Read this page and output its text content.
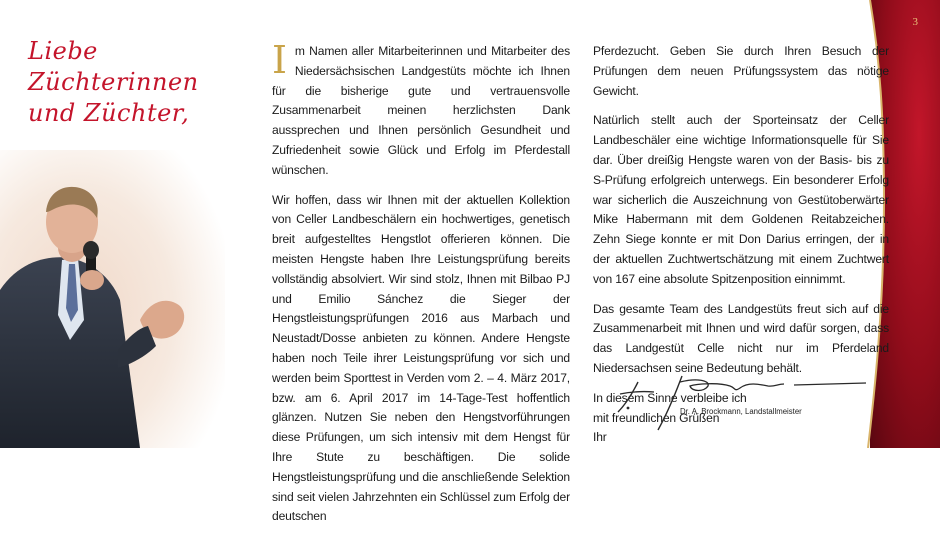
3
Liebe
Züchterinnen
und Züchter,

Im Namen aller Mitarbeiterinnen und Mitarbeiter des Niedersächsischen Landgestüts möchte ich Ihnen für die bisherige gute und vertrauensvolle Zusammenarbeit meinen herzlichsten Dank aussprechen und Ihnen persönlich Gesundheit und Zufriedenheit sowie Glück und Erfolg im Pferdestall wünschen.

Wir hoffen, dass wir Ihnen mit der aktuellen Kollektion von Celler Landbeschälern ein hochwertiges, genetisch breit aufgestelltes Hengstlot offerieren können. Die meisten Hengste haben Ihre Leistungsprüfung bereits vollständig absolviert. Wir sind stolz, Ihnen mit Bilbao PJ und Emilio Sánchez die Sieger der Hengstleistungsprüfungen 2016 aus Marbach und Neustadt/Dosse anbieten zu können. Andere Hengste haben noch Teile ihrer Leistungsprüfung vor sich und werden beim Sporttest in Verden vom 2. – 4. März 2017, bzw. am 6. April 2017 im 14-Tage-Test hoffentlich glänzen. Nutzen Sie neben den Hengstvorführungen diese Prüfungen, um sich intensiv mit dem Hengst für Ihre Stute zu beschäftigen. Die solide Hengstleistungsprüfung und die anschließende Selektion sind seit vielen Jahrzehnten ein Schlüssel zum Erfolg der deutschen

Pferdezucht. Geben Sie durch Ihren Besuch der Prüfungen dem neuen Prüfungssystem das nötige Gewicht.

Natürlich stellt auch der Sporteinsatz der Celler Landbeschäler eine wichtige Informationsquelle für Sie dar. Über dreißig Hengste waren von der Basis- bis zu S-Prüfung erfolgreich unterwegs. Ein besonderer Erfolg war sicherlich die Auszeichnung von Gestütoberwärter Mike Habermann mit dem Goldenen Reitabzeichen. Zehn Siege konnte er mit Don Darius erringen, der in der aktuellen Zuchtwertschätzung mit einem Zuchtwert von 167 eine absolute Spitzenposition einnimmt.

Das gesamte Team des Landgestüts freut sich auf die Zusammenarbeit mit Ihnen und wird dafür sorgen, dass das Landgestüt Celle nicht nur im Pferdeland Niedersachsen seine Bedeutung behält.

In diesem Sinne verbleibe ich
mit freundlichen Grüßen
Ihr
Dr. A. Brockmann, Landstallmeister
